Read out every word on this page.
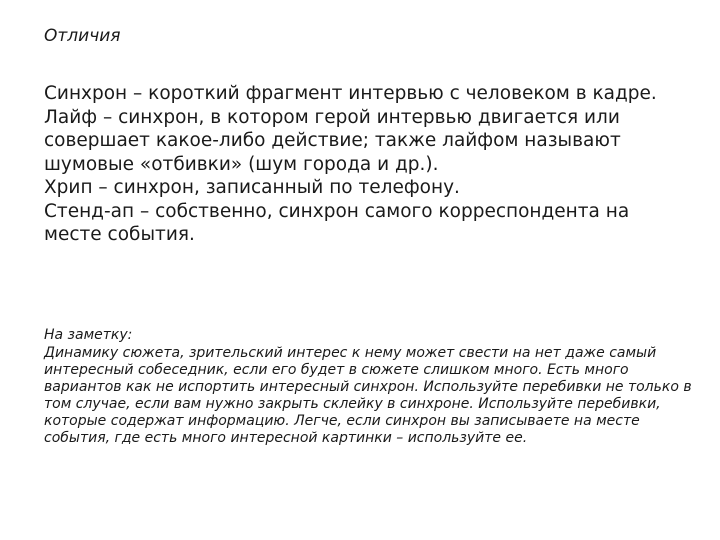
Отличия

Синхрон – короткий фрагмент интервью с человеком в кадре.

Лайф – синхрон, в котором герой интервью двигается или совершает какое-либо действие; также лайфом называют шумовые «отбивки» (шум города и др.).

Хрип – синхрон, записанный по телефону.

Стенд-ап – собственно, синхрон самого корреспондента на месте события.

На заметку:

Динамику сюжета, зрительский интерес к нему может свести на нет даже самый интересный собеседник, если его будет в сюжете слишком много. Есть много вариантов как не испортить интересный синхрон. Используйте перебивки не только в том случае, если вам нужно закрыть склейку в синхроне. Используйте перебивки, которые содержат информацию. Легче, если синхрон вы записываете на месте события, где есть много интересной картинки – используйте ее.
